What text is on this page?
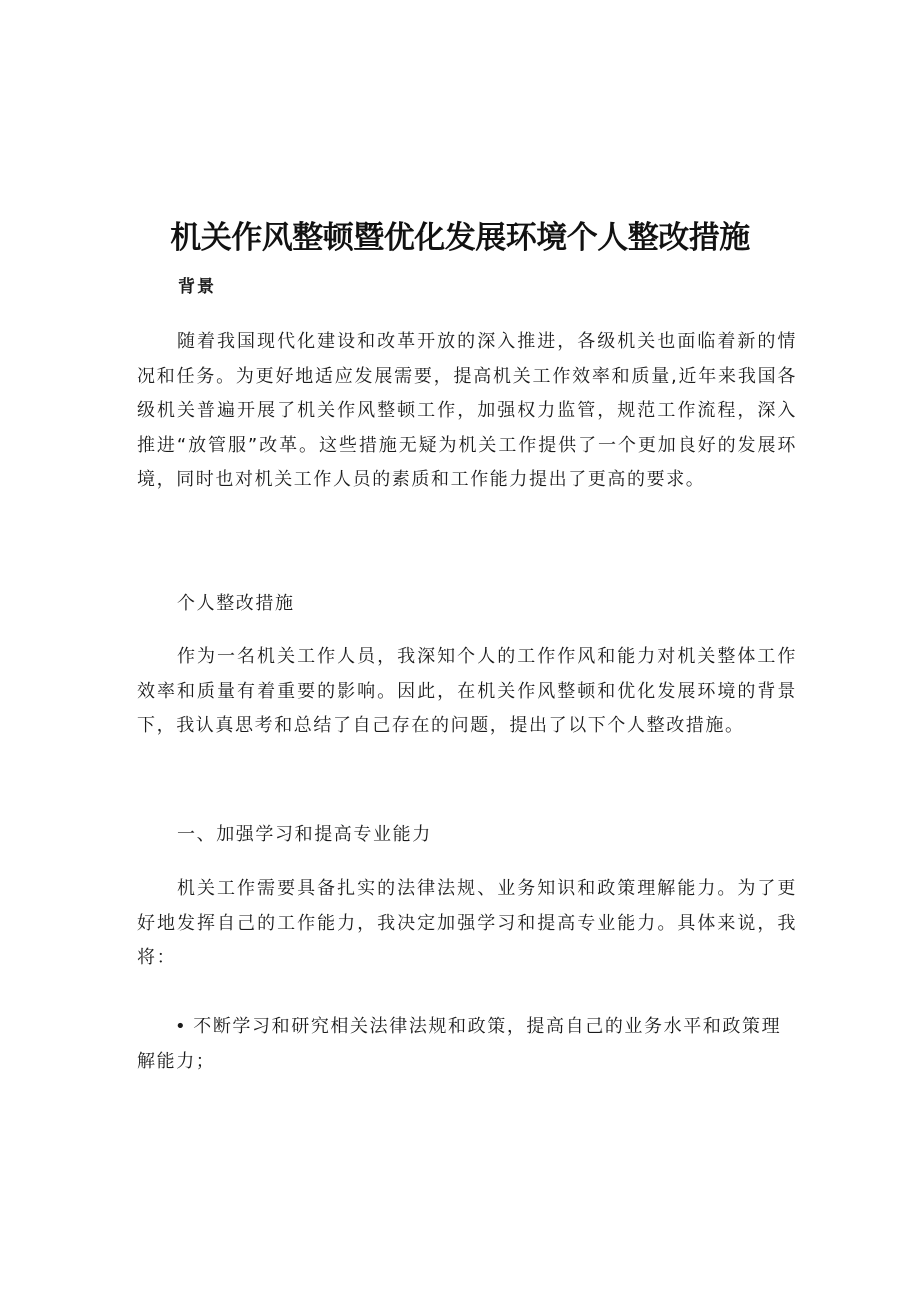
机关作风整顿暨优化发展环境个人整改措施
背景

随着我国现代化建设和改革开放的深入推进，各级机关也面临着新的情况和任务。为更好地适应发展需要，提高机关工作效率和质量,近年来我国各级机关普遍开展了机关作风整顿工作，加强权力监管，规范工作流程，深入推进“放管服”改革。这些措施无疑为机关工作提供了一个更加良好的发展环境，同时也对机关工作人员的素质和工作能力提出了更高的要求。

个人整改措施

作为一名机关工作人员，我深知个人的工作作风和能力对机关整体工作效率和质量有着重要的影响。因此，在机关作风整顿和优化发展环境的背景下，我认真思考和总结了自己存在的问题，提出了以下个人整改措施。

一、加强学习和提高专业能力

机关工作需要具备扎实的法律法规、业务知识和政策理解能力。为了更好地发挥自己的工作能力，我决定加强学习和提高专业能力。具体来说，我将：

• 不断学习和研究相关法律法规和政策，提高自己的业务水平和政策理解能力；
